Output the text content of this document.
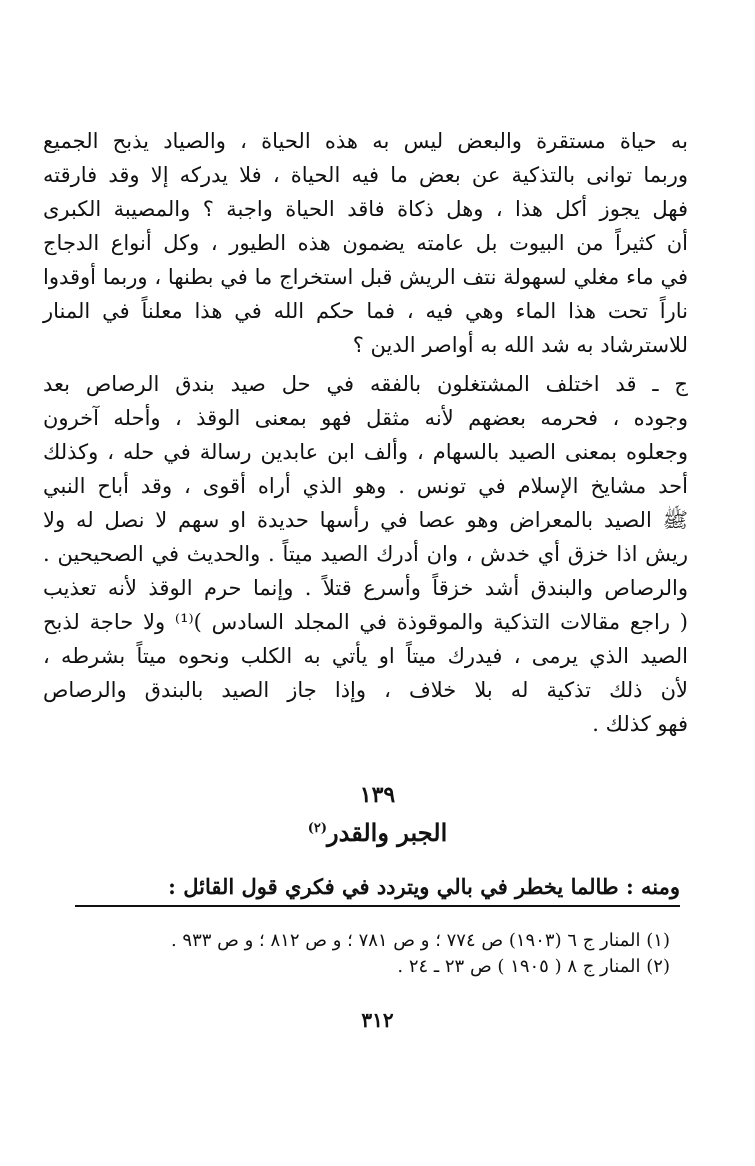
به حياة مستقرة والبعض ليس به هذه الحياة ، والصياد يذبح الجميع
وربما توانى بالتذكية عن بعض ما فيه الحياة ، فلا يدركه إلا وقد فارقته
فهل يجوز أكل هذا ، وهل ذكاة فاقد الحياة واجبة ؟ والمصيبة الكبرى
أن كثيراً من البيوت بل عامته يضمون هذه الطيور ، وكل أنواع الدجاج
في ماء مغلي لسهولة نتف الريش قبل استخراج ما في بطنها ، وربما أوقدوا
ناراً تحت هذا الماء وهي فيه ، فما حكم الله في هذا معلناً في المنار
للاسترشاد به شد الله به أواصر الدين ؟
ج ـ قد اختلف المشتغلون بالفقه في حل صيد بندق الرصاص بعد
وجوده ، فحرمه بعضهم لأنه مثقل فهو بمعنى الوقذ ، وأحله آخرون
وجعلوه بمعنى الصيد بالسهام ، وألف ابن عابدين رسالة في حله ، وكذلك
أحد مشايخ الإسلام في تونس . وهو الذي أراه أقوى ، وقد أباح النبي
ﷺ الصيد بالمعراض وهو عصا في رأسها حديدة او سهم لا نصل له ولا
ريش اذا خزق أي خدش ، وان أدرك الصيد ميتاً . والحديث في الصحيحين .
والرصاص والبندق أشد خزقاً وأسرع قتلاً . وإنما حرم الوقذ لأنه تعذيب
( راجع مقالات التذكية والموقوذة في المجلد السادس )⁽¹⁾ ولا حاجة لذبح
الصيد الذي يرمى ، فيدرك ميتاً او يأتي به الكلب ونحوه ميتاً بشرطه ،
لأن ذلك تذكية له بلا خلاف ، وإذا جاز الصيد بالبندق والرصاص
فهو كذلك .
١٣٩
الجبر والقدر$^{(٢)}$
ومنه : طالما يخطر في بالي ويتردد في فكري قول القائل :
(١) المنار ج ٦ (١٩٠٣) ص ٧٧٤ ؛ و ص ٧٨١ ؛ و ص ٨١٢ ؛ و ص ٩٣٣ .
(٢) المنار ج ٨ ( ١٩٠٥ ) ص ٢٣ ـ ٢٤ .
٣١٢
